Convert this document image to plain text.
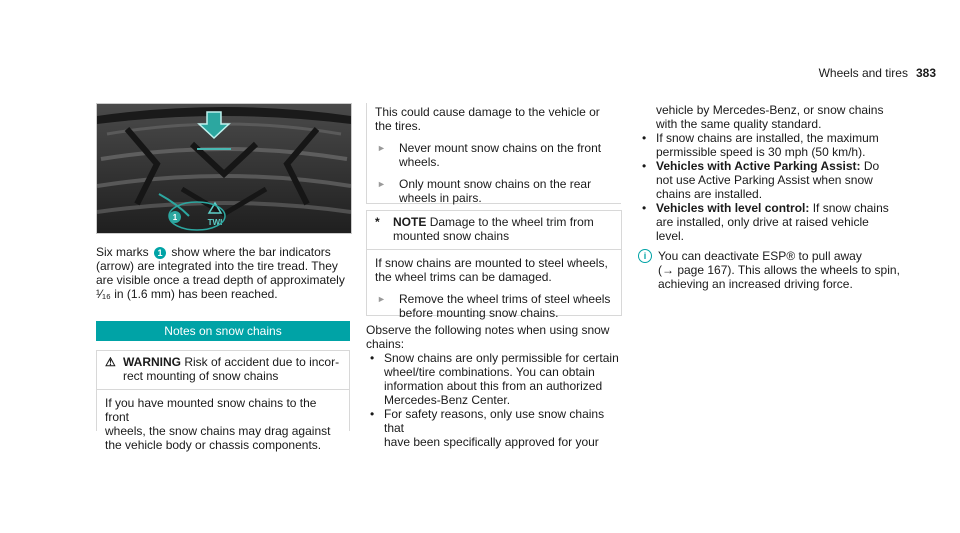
Wheels and tires 383
TWI
1

Six marks 1 show where the bar indicators

(arrow) are integrated into the tire tread. They

are visible once a tread depth of approximately

¹⁄₁₆ in (1.6 mm) has been reached.

Notes on snow chains
⚠ WARNING Risk of accident due to incor-

rect mounting of snow chains

If you have mounted snow chains to the front

wheels, the snow chains may drag against

the vehicle body or chassis components.

This could cause damage to the vehicle or

the tires.

►	Never mount snow chains on the front

wheels.

►	Only mount snow chains on the rear

wheels in pairs.

*	NOTE Damage to the wheel trim from

mounted snow chains

If snow chains are mounted to steel wheels,

the wheel trims can be damaged.

►	Remove the wheel trims of steel wheels

before mounting snow chains.

Observe the following notes when using snow

chains:

• Snow chains are only permissible for certain

wheel/tire combinations. You can obtain

information about this from an authorized

Mercedes-Benz Center.

• For safety reasons, only use snow chains that

have been specifically approved for your

vehicle by Mercedes-Benz, or snow chains

with the same quality standard.

• If snow chains are installed, the maximum

permissible speed is 30 mph (50 km/h).

• Vehicles with Active Parking Assist: Do

not use Active Parking Assist when snow

chains are installed.

• Vehicles with level control: If snow chains

are installed, only drive at raised vehicle

level.

i You can deactivate ESP® to pull away

(→ page 167). This allows the wheels to spin,

achieving an increased driving force.
